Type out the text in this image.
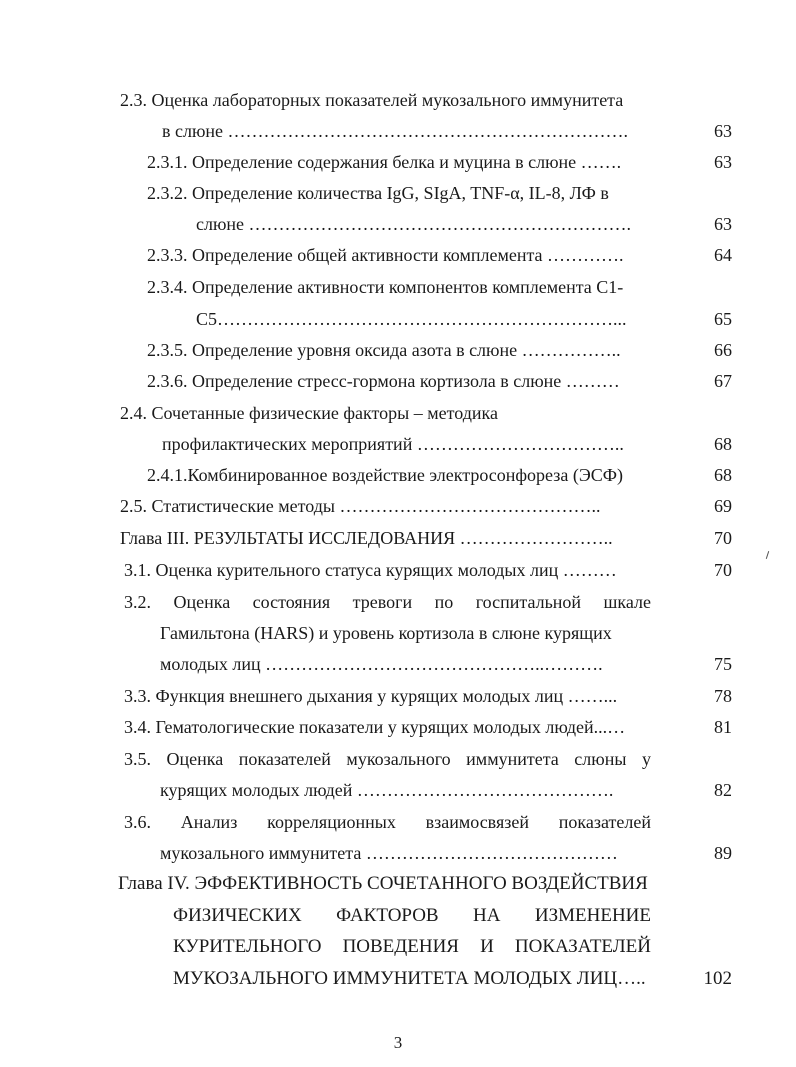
2.3. Оценка лабораторных показателей мукозального иммунитета
в слюне ………………………………………………………….	63
2.3.1. Определение содержания белка и муцина в слюне …….	63
2.3.2. Определение количества IgG, SIgA, TNF-α, IL-8, ЛФ в
слюне ……………………………………………………….	63
2.3.3. Определение общей активности комплемента ………….	64
2.3.4. Определение активности компонентов комплемента С1-
С5…………………………………………………………...	65
2.3.5. Определение уровня оксида азота в слюне ……………..	66
2.3.6. Определение стресс-гормона кортизола в слюне ………	67
2.4. Сочетанные физические факторы – методика
профилактических мероприятий ……………………………..	68
2.4.1.Комбинированное воздействие электросонфореза (ЭСФ)	68
2.5. Статистические методы ……………………………………..	69
Глава III. РЕЗУЛЬТАТЫ ИССЛЕДОВАНИЯ ……………………..	70
3.1. Оценка курительного статуса курящих молодых лиц ………	70
3.2. Оценка состояния тревоги по госпитальной шкале
Гамильтона (HARS) и уровень кортизола в слюне курящих
молодых лиц ………………………………………..……….	75
3.3. Функция внешнего дыхания у курящих молодых лиц ……...	78
3.4. Гематологические показатели у курящих молодых людей...…	81
3.5. Оценка показателей мукозального иммунитета слюны у
курящих молодых людей …………………………………….	82
3.6. Анализ корреляционных взаимосвязей показателей
мукозального иммунитета ……………………………………	89
Глава IV. ЭФФЕКТИВНОСТЬ СОЧЕТАННОГО ВОЗДЕЙСТВИЯ
ФИЗИЧЕСКИХ ФАКТОРОВ НА ИЗМЕНЕНИЕ
КУРИТЕЛЬНОГО ПОВЕДЕНИЯ И ПОКАЗАТЕЛЕЙ
МУКОЗАЛЬНОГО ИММУНИТЕТА МОЛОДЫХ ЛИЦ…..	102
3
